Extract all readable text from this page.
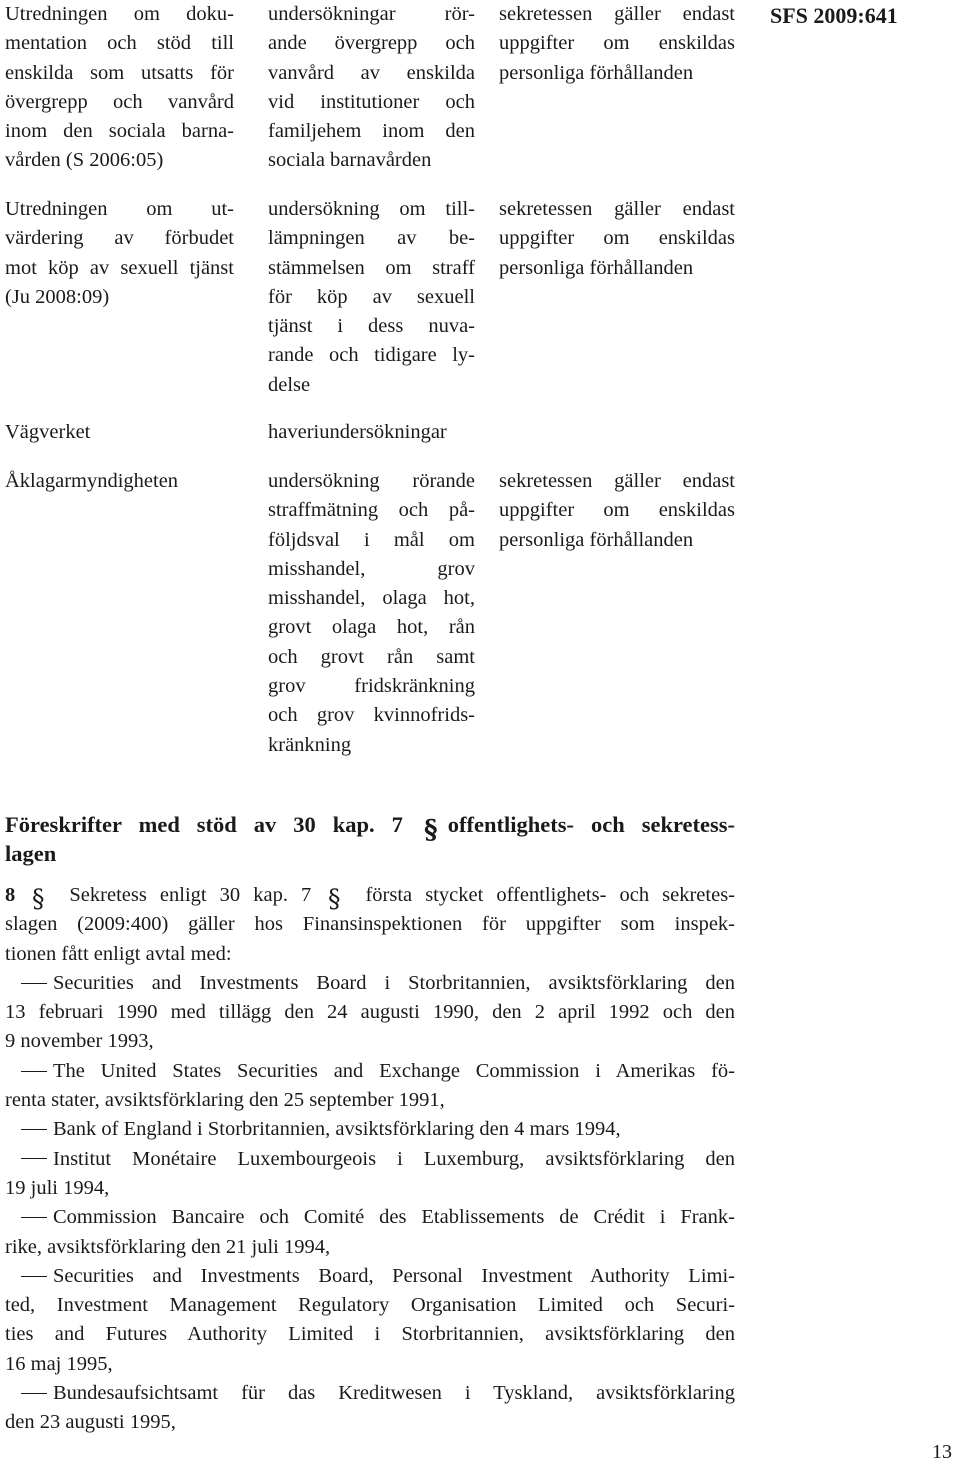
SFS 2009:641
Utredningen om doku-
mentation och stöd till
enskilda som utsatts för
övergrepp och vanvård
inom den sociala barna-
vården (S 2006:05)
undersökningar rör-
ande övergrepp och
vanvård av enskilda
vid institutioner och
familjehem inom den
sociala barnavården
sekretessen gäller endast
uppgifter om enskildas
personliga förhållanden
Utredningen om ut-
värdering av förbudet
mot köp av sexuell tjänst
(Ju 2008:09)
undersökning om till-
lämpningen av be-
stämmelsen om straff
för köp av sexuell
tjänst i dess nuva-
rande och tidigare ly-
delse
sekretessen gäller endast
uppgifter om enskildas
personliga förhållanden
Vägverket	haveriundersökningar
Åklagarmyndigheten	undersökning rörande
straffmätning och på-
följdsval i mål om
misshandel, grov
misshandel, olaga hot,
grovt olaga hot, rån
och grovt rån samt
grov fridskränkning
och grov kvinnofrids-
kränkning
sekretessen gäller endast
uppgifter om enskildas
personliga förhållanden
Föreskrifter med stöd av 30 kap. 7 § offentlighets- och sekretess-
lagen
8 § Sekretess enligt 30 kap. 7 § första stycket offentlighets- och sekretes-
slagen (2009:400) gäller hos Finansinspektionen för uppgifter som inspek-
tionen fått enligt avtal med:
Securities and Investments Board i Storbritannien, avsiktsförklaring den
13 februari 1990 med tillägg den 24 augusti 1990, den 2 april 1992 och den
9 november 1993,
The United States Securities and Exchange Commission i Amerikas fö-
renta stater, avsiktsförklaring den 25 september 1991,
Bank of England i Storbritannien, avsiktsförklaring den 4 mars 1994,
Institut Monétaire Luxembourgeois i Luxemburg, avsiktsförklaring den
19 juli 1994,
Commission Bancaire och Comité des Etablissements de Crédit i Frank-
rike, avsiktsförklaring den 21 juli 1994,
Securities and Investments Board, Personal Investment Authority Limi-
ted, Investment Management Regulatory Organisation Limited och Securi-
ties and Futures Authority Limited i Storbritannien, avsiktsförklaring den
16 maj 1995,
Bundesaufsichtsamt für das Kreditwesen i Tyskland, avsiktsförklaring
den 23 augusti 1995,
13
